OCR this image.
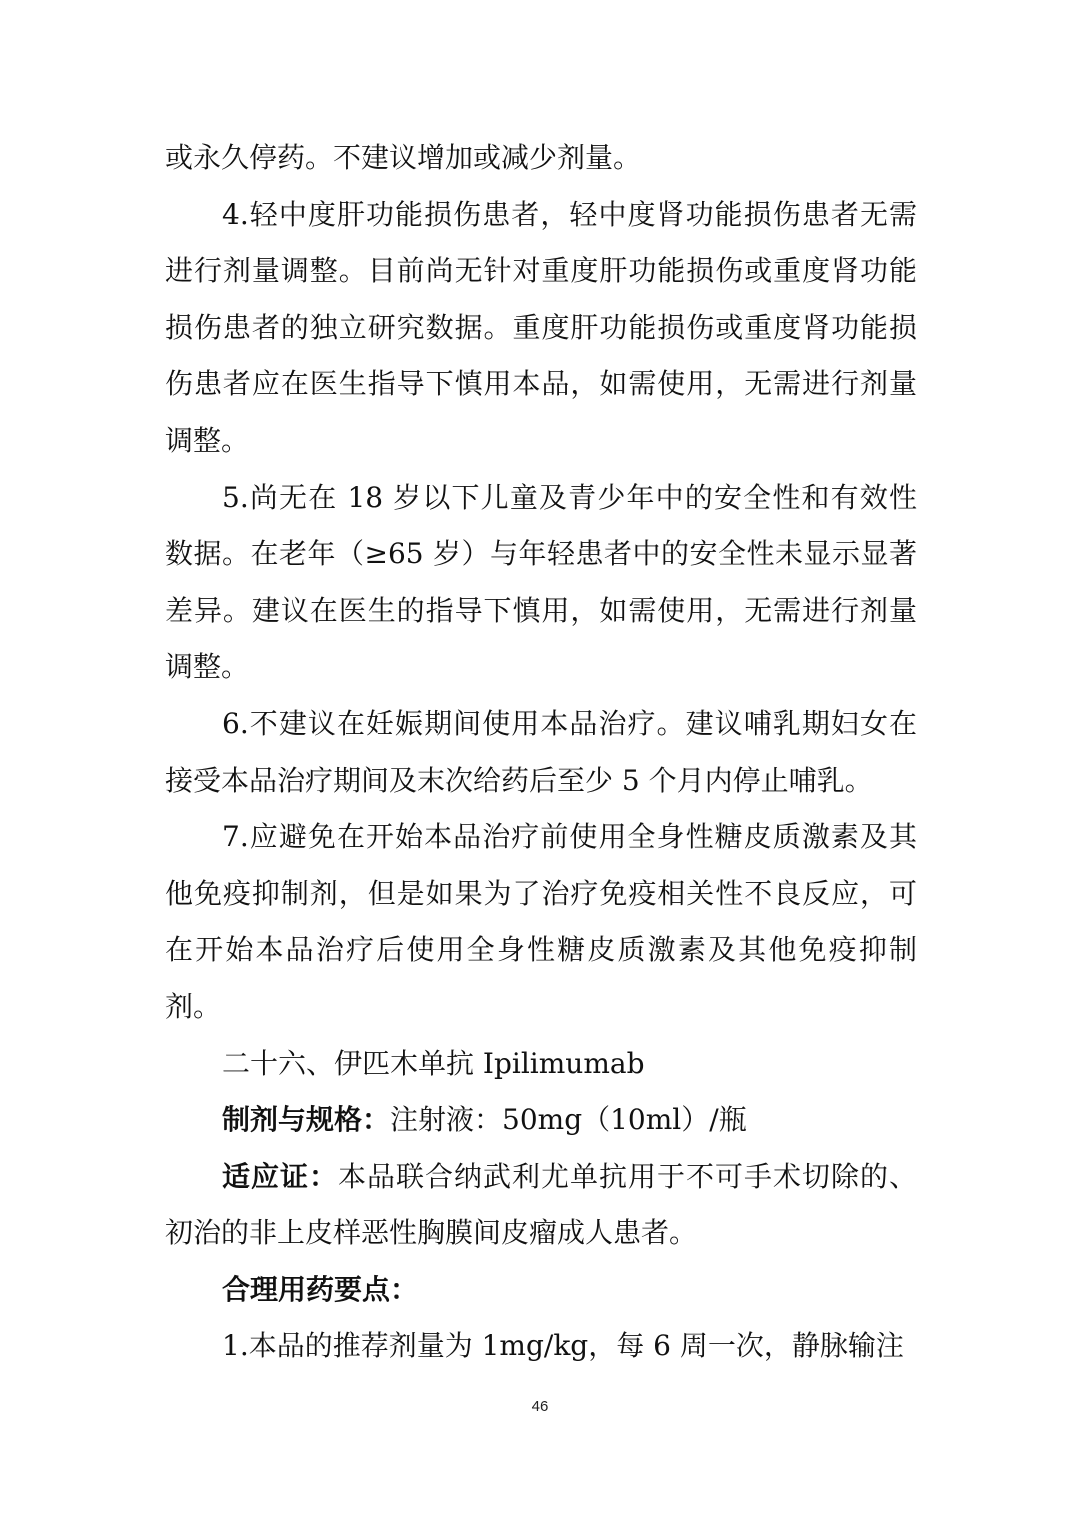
或永久停药。不建议增加或减少剂量。

4.轻中度肝功能损伤患者，轻中度肾功能损伤患者无需进行剂量调整。目前尚无针对重度肝功能损伤或重度肾功能损伤患者的独立研究数据。重度肝功能损伤或重度肾功能损伤患者应在医生指导下慎用本品，如需使用，无需进行剂量调整。

5.尚无在 18 岁以下儿童及青少年中的安全性和有效性数据。在老年（≥65 岁）与年轻患者中的安全性未显示显著差异。建议在医生的指导下慎用，如需使用，无需进行剂量调整。

6.不建议在妊娠期间使用本品治疗。建议哺乳期妇女在接受本品治疗期间及末次给药后至少 5 个月内停止哺乳。

7.应避免在开始本品治疗前使用全身性糖皮质激素及其他免疫抑制剂，但是如果为了治疗免疫相关性不良反应，可在开始本品治疗后使用全身性糖皮质激素及其他免疫抑制剂。

二十六、伊匹木单抗 Ipilimumab

制剂与规格：注射液：50mg（10ml）/瓶

适应证：本品联合纳武利尤单抗用于不可手术切除的、初治的非上皮样恶性胸膜间皮瘤成人患者。

合理用药要点：

1.本品的推荐剂量为 1mg/kg，每 6 周一次，静脉输注

46
